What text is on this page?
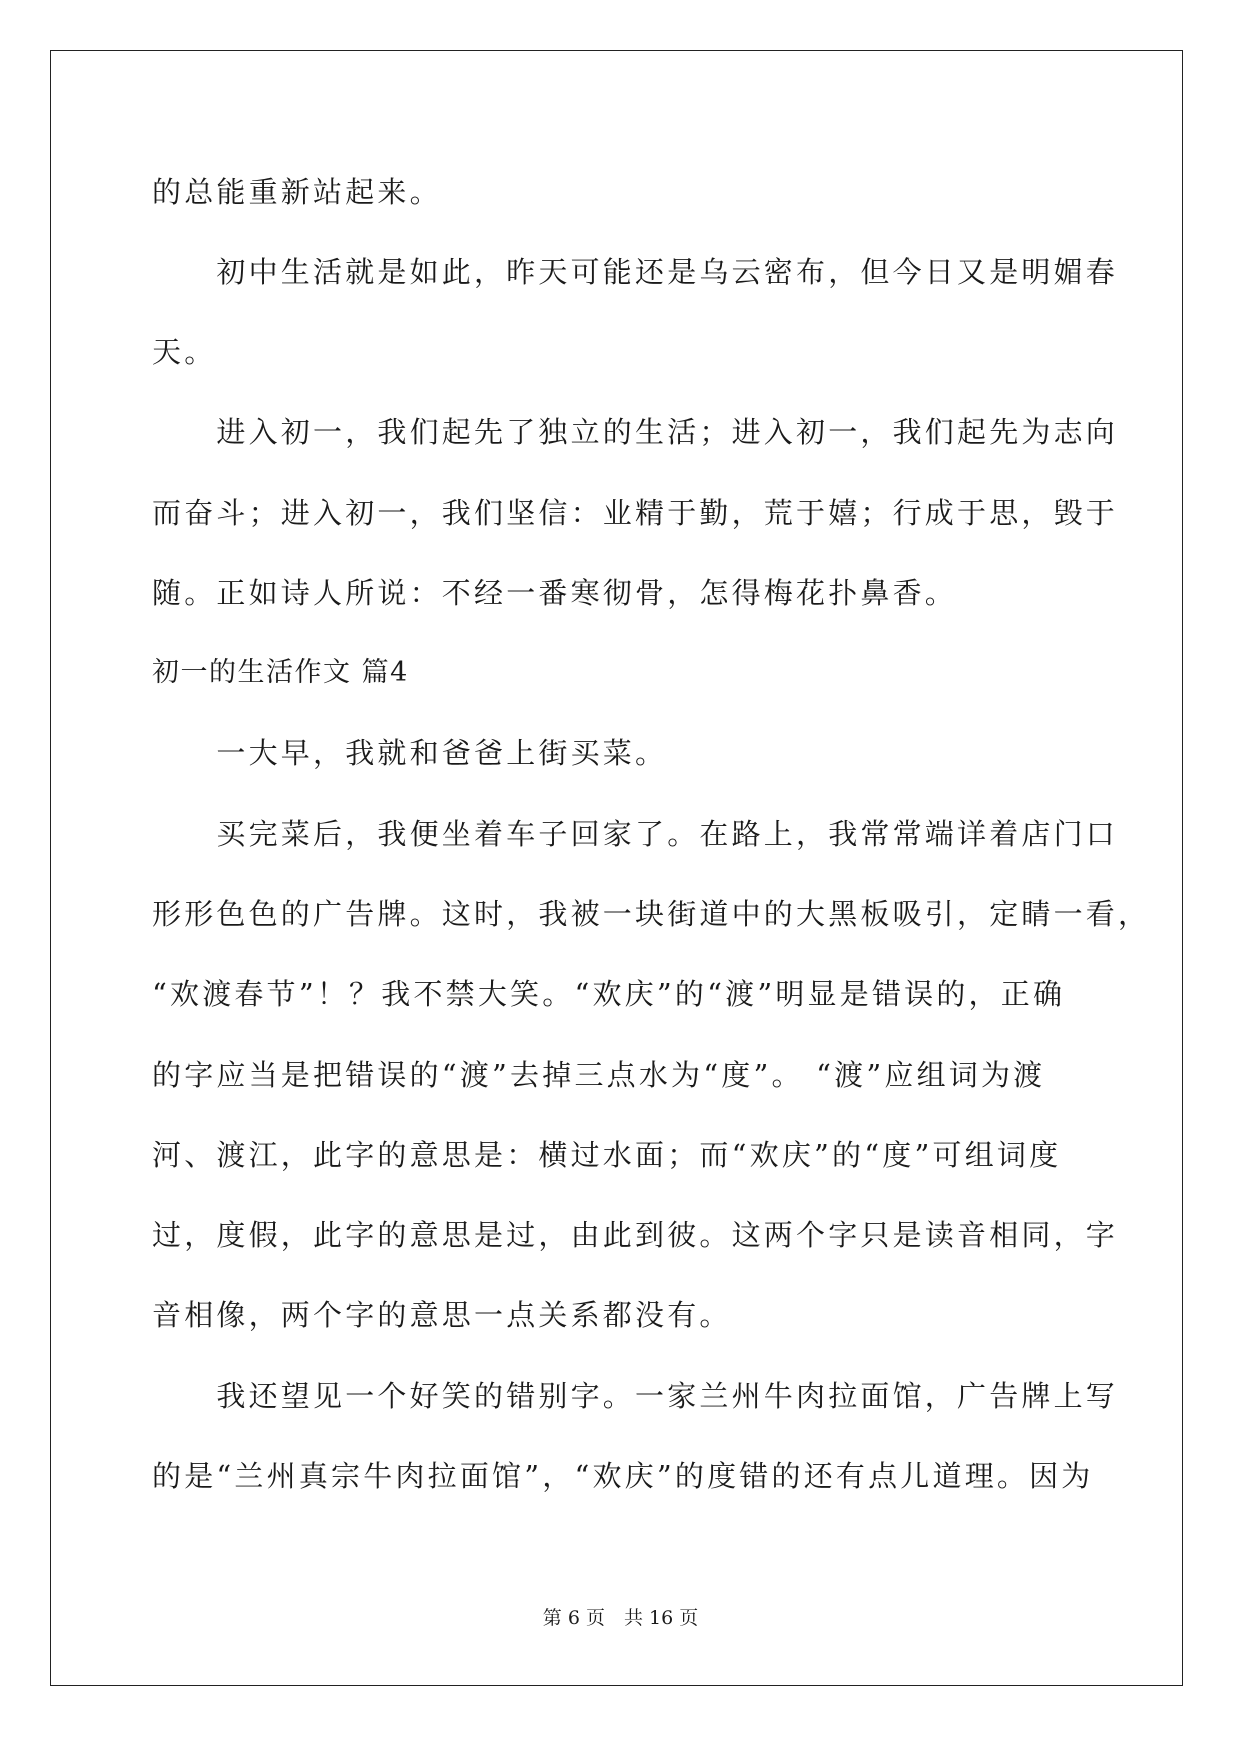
的总能重新站起来。
　　初中生活就是如此，昨天可能还是乌云密布，但今日又是明媚春
天。
　　进入初一，我们起先了独立的生活；进入初一，我们起先为志向
而奋斗；进入初一，我们坚信：业精于勤，荒于嬉；行成于思，毁于
随。正如诗人所说：不经一番寒彻骨，怎得梅花扑鼻香。
初一的生活作文 篇4
　　一大早，我就和爸爸上街买菜。
　　买完菜后，我便坐着车子回家了。在路上，我常常端详着店门口
形形色色的广告牌。这时，我被一块街道中的大黑板吸引，定睛一看，
“欢渡春节”！？我不禁大笑。“欢庆”的“渡”明显是错误的，正确
的字应当是把错误的“渡”去掉三点水为“度”。 “渡”应组词为渡
河、渡江，此字的意思是：横过水面；而“欢庆”的“度”可组词度
过，度假，此字的意思是过，由此到彼。这两个字只是读音相同，字
音相像，两个字的意思一点关系都没有。
　　我还望见一个好笑的错别字。一家兰州牛肉拉面馆，广告牌上写
的是“兰州真宗牛肉拉面馆”，“欢庆”的度错的还有点儿道理。因为
第 6 页　共 16 页
